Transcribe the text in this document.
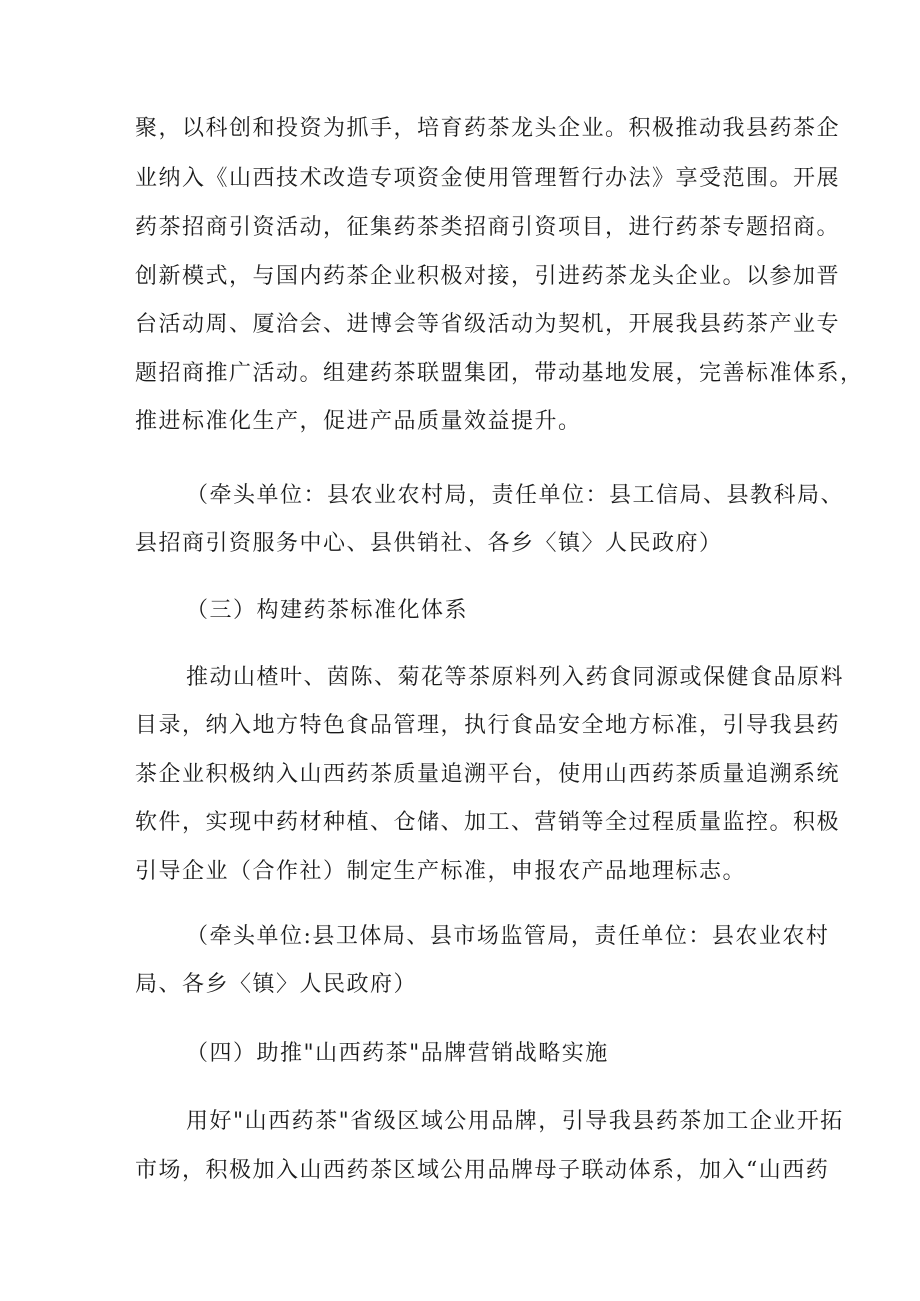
聚，以科创和投资为抓手，培育药茶龙头企业。积极推动我县药茶企
业纳入《山西技术改造专项资金使用管理暂行办法》享受范围。开展
药茶招商引资活动，征集药茶类招商引资项目，进行药茶专题招商。
创新模式，与国内药茶企业积极对接，引进药茶龙头企业。以参加晋
台活动周、厦洽会、进博会等省级活动为契机，开展我县药茶产业专
题招商推广活动。组建药茶联盟集团，带动基地发展，完善标准体系，
推进标准化生产，促进产品质量效益提升。
（牵头单位：县农业农村局，责任单位：县工信局、县教科局、
县招商引资服务中心、县供销社、各乡〈镇〉人民政府）
（三）构建药茶标准化体系
推动山楂叶、茵陈、菊花等茶原料列入药食同源或保健食品原料
目录，纳入地方特色食品管理，执行食品安全地方标准，引导我县药
茶企业积极纳入山西药茶质量追溯平台，使用山西药茶质量追溯系统
软件，实现中药材种植、仓储、加工、营销等全过程质量监控。积极
引导企业（合作社）制定生产标准，申报农产品地理标志。
（牵头单位:县卫体局、县市场监管局，责任单位：县农业农村
局、各乡〈镇〉人民政府）
（四）助推"山西药茶"品牌营销战略实施
用好"山西药茶"省级区域公用品牌，引导我县药茶加工企业开拓
市场，积极加入山西药茶区域公用品牌母子联动体系，加入“山西药
